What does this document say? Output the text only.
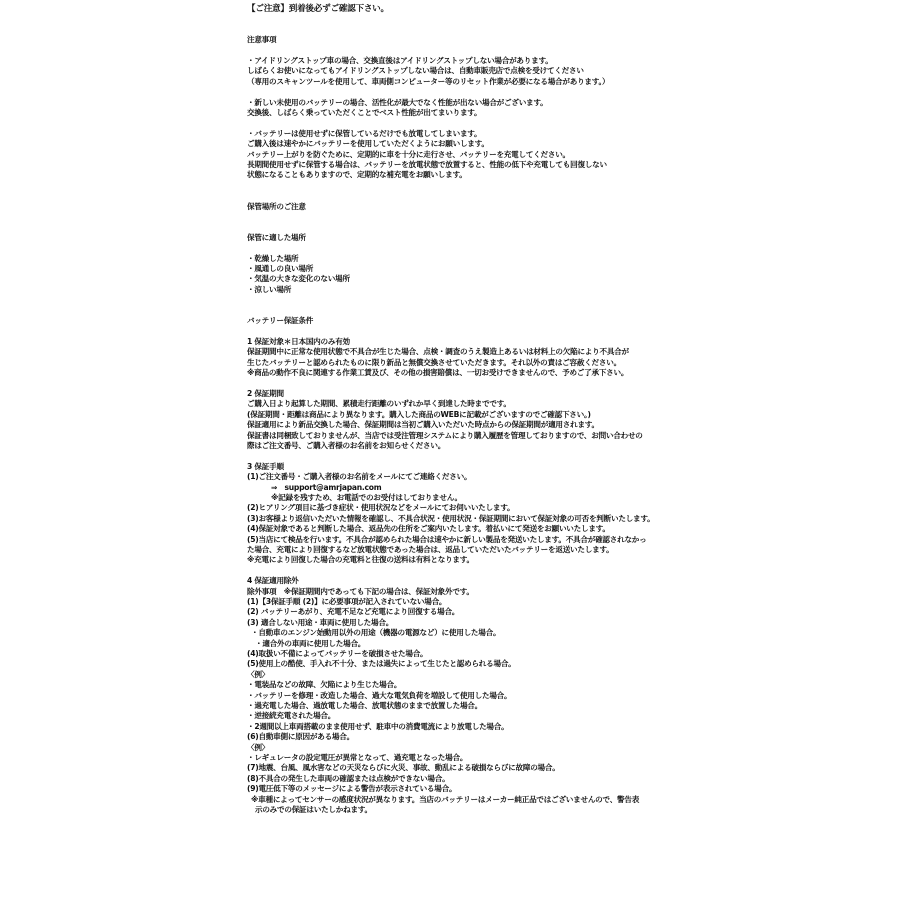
【ご注意】到着後必ずご確認下さい。
注意事項
・アイドリングストップ車の場合、交換直後はアイドリングストップしない場合があります。
しばらくお使いになってもアイドリングストップしない場合は、自動車販売店で点検を受けてください
（専用のスキャンツールを使用して、車両側コンピューター等のリセット作業が必要になる場合があります。）
・新しい未使用のバッテリーの場合、活性化が最大でなく性能が出ない場合がございます。
交換後、しばらく乗っていただくことでベスト性能が出てまいります。
・バッテリーは使用せずに保管しているだけでも放電してしまいます。
ご購入後は速やかにバッテリーを使用していただくようにお願いします。
バッテリー上がりを防ぐために、定期的に車を十分に走行させ、バッテリーを充電してください。
長期間使用せずに保管する場合は、バッテリーを放電状態で放置すると、性能の低下や充電しても回復しない
状態になることもありますので、定期的な補充電をお願いします。
保管場所のご注意
保管に適した場所
・乾燥した場所
・風通しの良い場所
・気温の大きな変化のない場所
・涼しい場所
バッテリー保証条件
1 保証対象＊日本国内のみ有効
保証期間中に正常な使用状態で不具合が生じた場合、点検・調査のうえ製造上あるいは材料上の欠陥により不具合が
生じたバッテリーと認められたものに限り新品と無償交換させていただきます。それ以外の責はご容赦ください。
※商品の動作不良に関連する作業工賃及び、その他の損害賠償は、一切お受けできませんので、予めご了承下さい。
2 保証期間
ご購入日より起算した期間、累積走行距離のいずれか早く到達した時までです。
(保証期間・距離は商品により異なります。購入した商品のWEBに記載がございますのでご確認下さい。)
保証適用により新品交換した場合、保証期間は当初ご購入いただいた時点からの保証期間が適用されます。
保証書は同梱致しておりませんが、当店では受注管理システムにより購入履歴を管理しておりますので、お問い合わせの
際はご注文番号、ご購入者様のお名前をお知らせください。
3 保証手順
(1)ご注文番号・ご購入者様のお名前をメールにてご連絡ください。
⇒　support@amrjapan.com
※記録を残すため、お電話でのお受付はしておりません。
(2)ヒアリング項目に基づき症状・使用状況などをメールにてお伺いいたします。
(3)お客様より返信いただいた情報を確認し、不具合状況・使用状況・保証期間において保証対象の可否を判断いたします。
(4)保証対象であると判断した場合、返品先の住所をご案内いたします。着払いにて発送をお願いいたします。
(5)当店にて検品を行います。不具合が認められた場合は速やかに新しい製品を発送いたします。不具合が確認されなかっ
た場合、充電により回復するなど放電状態であった場合は、返品していただいたバッテリーを返送いたします。
※充電により回復した場合の充電料と往復の送料は有料となります。
4 保証適用除外
除外事項　※保証期間内であっても下記の場合は、保証対象外です。
(1)【3保証手順 (2)】に必要事項が記入されていない場合。
(2) バッテリーあがり、充電不足など充電により回復する場合。
(3) 適合しない用途・車両に使用した場合。
・自動車のエンジン始動用以外の用途（機器の電源など）に使用した場合。
・適合外の車両に使用した場合。
(4)取扱い不備によってバッテリーを破損させた場合。
(5)使用上の酷使、手入れ不十分、または過失によって生じたと認められる場合。
〈例〉
・電装品などの故障、欠陥により生じた場合。
・バッテリーを修理・改造した場合、過大な電気負荷を増設して使用した場合。
・過充電した場合、過放電した場合、放電状態のままで放置した場合。
・逆接続充電された場合。
・2週間以上車両搭載のまま使用せず、駐車中の消費電流により放電した場合。
(6)自動車側に原因がある場合。
〈例〉
・レギュレータの設定電圧が異常となって、過充電となった場合。
(7)地震、台風、風水害などの天災ならびに火災、事故、動乱による破損ならびに故障の場合。
(8)不具合の発生した車両の確認または点検ができない場合。
(9)電圧低下等のメッセージによる警告が表示されている場合。
※車種によってセンサーの感度状況が異なります。当店のバッテリーはメーカー純正品ではございませんので、警告表
示のみでの保証はいたしかねます。
